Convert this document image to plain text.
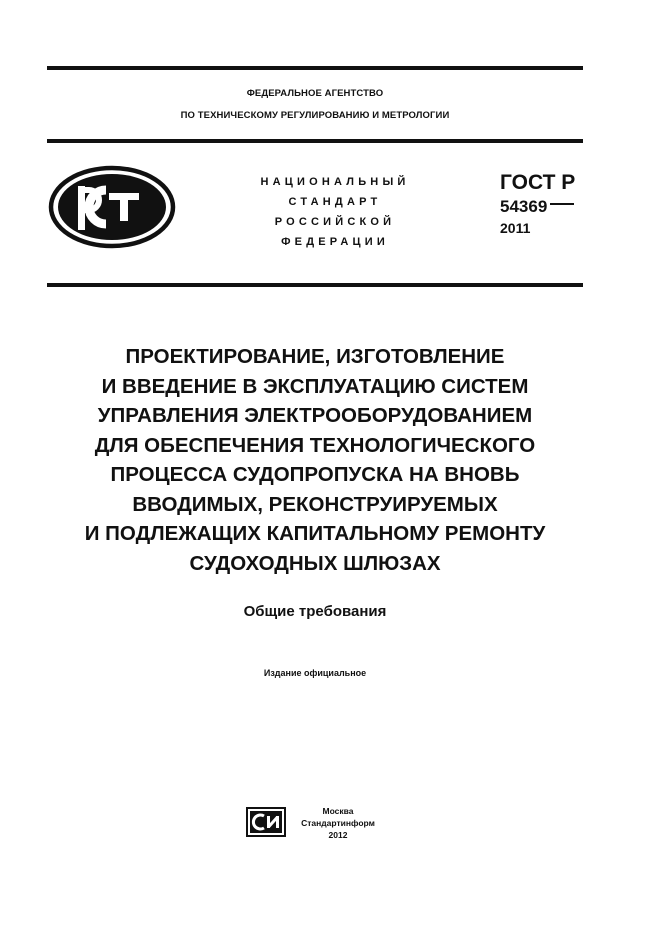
ФЕДЕРАЛЬНОЕ АГЕНТСТВО
ПО ТЕХНИЧЕСКОМУ РЕГУЛИРОВАНИЮ И МЕТРОЛОГИИ
НАЦИОНАЛЬНЫЙ
СТАНДАРТ
РОССИЙСКОЙ
ФЕДЕРАЦИИ
ГОСТ Р
54369
2011
ПРОЕКТИРОВАНИЕ, ИЗГОТОВЛЕНИЕ
И ВВЕДЕНИЕ В ЭКСПЛУАТАЦИЮ СИСТЕМ
УПРАВЛЕНИЯ ЭЛЕКТРООБОРУДОВАНИЕМ
ДЛЯ ОБЕСПЕЧЕНИЯ ТЕХНОЛОГИЧЕСКОГО
ПРОЦЕССА СУДОПРОПУСКА НА ВНОВЬ
ВВОДИМЫХ, РЕКОНСТРУИРУЕМЫХ
И ПОДЛЕЖАЩИХ КАПИТАЛЬНОМУ РЕМОНТУ
СУДОХОДНЫХ ШЛЮЗАХ
Общие требования
Издание официальное
Москва
Стандартинформ
2012
